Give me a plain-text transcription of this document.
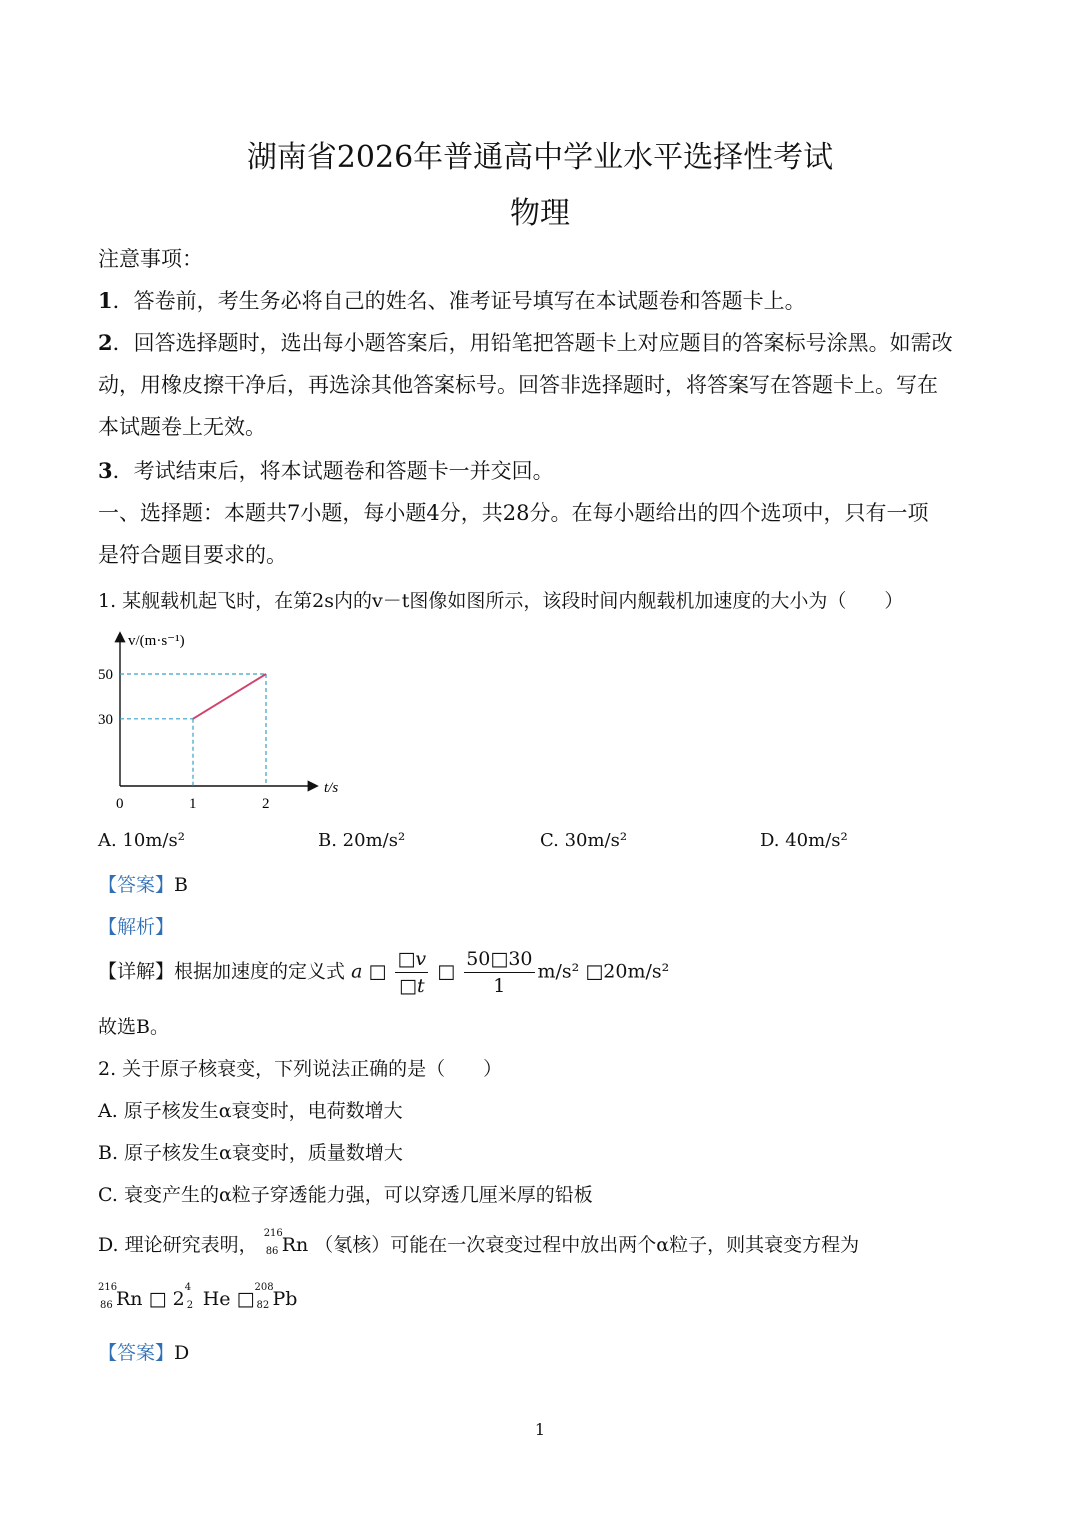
湖南省2026年普通高中学业水平选择性考试
物理
注意事项：
1．答卷前，考生务必将自己的姓名、准考证号填写在本试题卷和答题卡上。
2．回答选择题时，选出每小题答案后，用铅笔把答题卡上对应题目的答案标号涂黑。如需改
动，用橡皮擦干净后，再选涂其他答案标号。回答非选择题时，将答案写在答题卡上。写在
本试题卷上无效。
3．考试结束后，将本试题卷和答题卡一并交回。
一、选择题：本题共7小题，每小题4分，共28分。在每小题给出的四个选项中，只有一项
是符合题目要求的。
1. 某舰载机起飞时，在第2s内的v－t图像如图所示，该段时间内舰载机加速度的大小为（　　）
v/(m·s⁻¹)
t/s
0	1	2
30
50
A. 10m/s²	B. 20m/s²	C. 30m/s²	D. 40m/s²
【答案】B
【解析】
【详解】根据加速度的定义式 a □ $\frac{□v}{□t}$ □ $\frac{50□30}{1} m/s^2$ □20m/s²
故选B。
2. 关于原子核衰变，下列说法正确的是（　　）
A. 原子核发生α衰变时，电荷数增大
B. 原子核发生α衰变时，质量数增大
C. 衰变产生的α粒子穿透能力强，可以穿透几厘米厚的铅板
D. 理论研究表明，
216
86 Rn （氡核）可能在一次衰变过程中放出两个α粒子，则其衰变方程为
216
86 Rn □ 2
4
2 He □
208
82 Pb
【答案】D
1
